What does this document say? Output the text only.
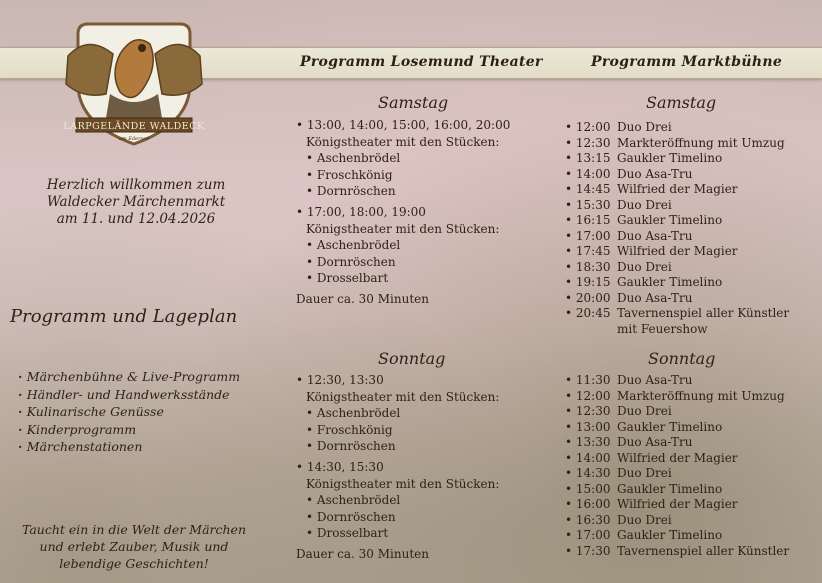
Programm Losemund Theater	Programm Marktbühne
LARPGELÄNDE WALDECK
am Edersee
Herzlich willkommen zum
Waldecker Märchenmarkt
am 11. und 12.04.2026
Programm und Lageplan
· Märchenbühne & Live-Programm
· Händler- und Handwerksstände
· Kulinarische Genüsse
· Kinderprogramm
· Märchenstationen
Taucht ein in die Welt der Märchen
und erlebt Zauber, Musik und
lebendige Geschichten!
Samstag
• 13:00, 14:00, 15:00, 16:00, 20:00
Königstheater mit den Stücken:
• Aschenbrödel
• Froschkönig
• Dornröschen
• 17:00, 18:00, 19:00
Königstheater mit den Stücken:
• Aschenbrödel
• Dornröschen
• Drosselbart
Dauer ca. 30 Minuten
Sonntag
• 12:30, 13:30
Königstheater mit den Stücken:
• Aschenbrödel
• Froschkönig
• Dornröschen
• 14:30, 15:30
Königstheater mit den Stücken:
• Aschenbrödel
• Dornröschen
• Drosselbart
Dauer ca. 30 Minuten
Samstag
• 12:00 Duo Drei
• 12:30 Markteröffnung mit Umzug
• 13:15 Gaukler Timelino
• 14:00 Duo Asa-Tru
• 14:45 Wilfried der Magier
• 15:30 Duo Drei
• 16:15 Gaukler Timelino
• 17:00 Duo Asa-Tru
• 17:45 Wilfried der Magier
• 18:30 Duo Drei
• 19:15 Gaukler Timelino
• 20:00 Duo Asa-Tru
• 20:45 Tavernenspiel aller Künstler mit Feuershow
Sonntag
• 11:30 Duo Asa-Tru
• 12:00 Markteröffnung mit Umzug
• 12:30 Duo Drei
• 13:00 Gaukler Timelino
• 13:30 Duo Asa-Tru
• 14:00 Wilfried der Magier
• 14:30 Duo Drei
• 15:00 Gaukler Timelino
• 16:00 Wilfried der Magier
• 16:30 Duo Drei
• 17:00 Gaukler Timelino
• 17:30 Tavernenspiel aller Künstler
